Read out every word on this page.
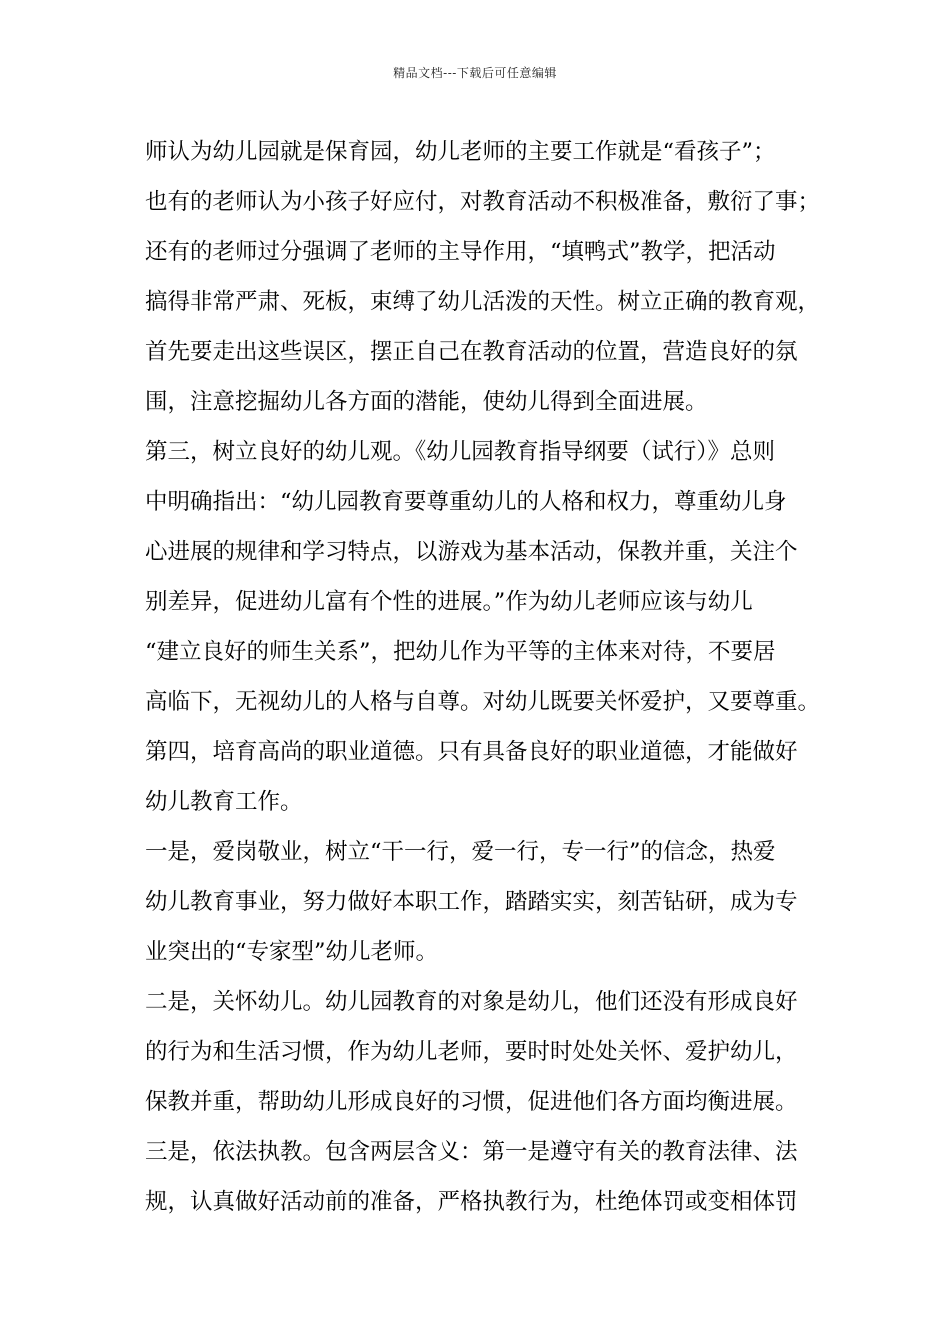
精品文档---下载后可任意编辑
师认为幼儿园就是保育园，幼儿老师的主要工作就是“看孩子”；
也有的老师认为小孩子好应付，对教育活动不积极准备，敷衍了事；
还有的老师过分强调了老师的主导作用，“填鸭式”教学，把活动
搞得非常严肃、死板，束缚了幼儿活泼的天性。树立正确的教育观，
首先要走出这些误区，摆正自己在教育活动的位置，营造良好的氛
围，注意挖掘幼儿各方面的潜能，使幼儿得到全面进展。
第三，树立良好的幼儿观。《幼儿园教育指导纲要（试行）》总则
中明确指出：“幼儿园教育要尊重幼儿的人格和权力，尊重幼儿身
心进展的规律和学习特点，以游戏为基本活动，保教并重，关注个
别差异，促进幼儿富有个性的进展。”作为幼儿老师应该与幼儿
“建立良好的师生关系”，把幼儿作为平等的主体来对待，不要居
高临下，无视幼儿的人格与自尊。对幼儿既要关怀爱护，又要尊重。
第四，培育高尚的职业道德。只有具备良好的职业道德，才能做好
幼儿教育工作。
一是，爱岗敬业，树立“干一行，爱一行，专一行”的信念，热爱
幼儿教育事业，努力做好本职工作，踏踏实实，刻苦钻研，成为专
业突出的“专家型”幼儿老师。
二是，关怀幼儿。幼儿园教育的对象是幼儿，他们还没有形成良好
的行为和生活习惯，作为幼儿老师，要时时处处关怀、爱护幼儿，
保教并重，帮助幼儿形成良好的习惯，促进他们各方面均衡进展。
三是，依法执教。包含两层含义：第一是遵守有关的教育法律、法
规，认真做好活动前的准备，严格执教行为，杜绝体罚或变相体罚
